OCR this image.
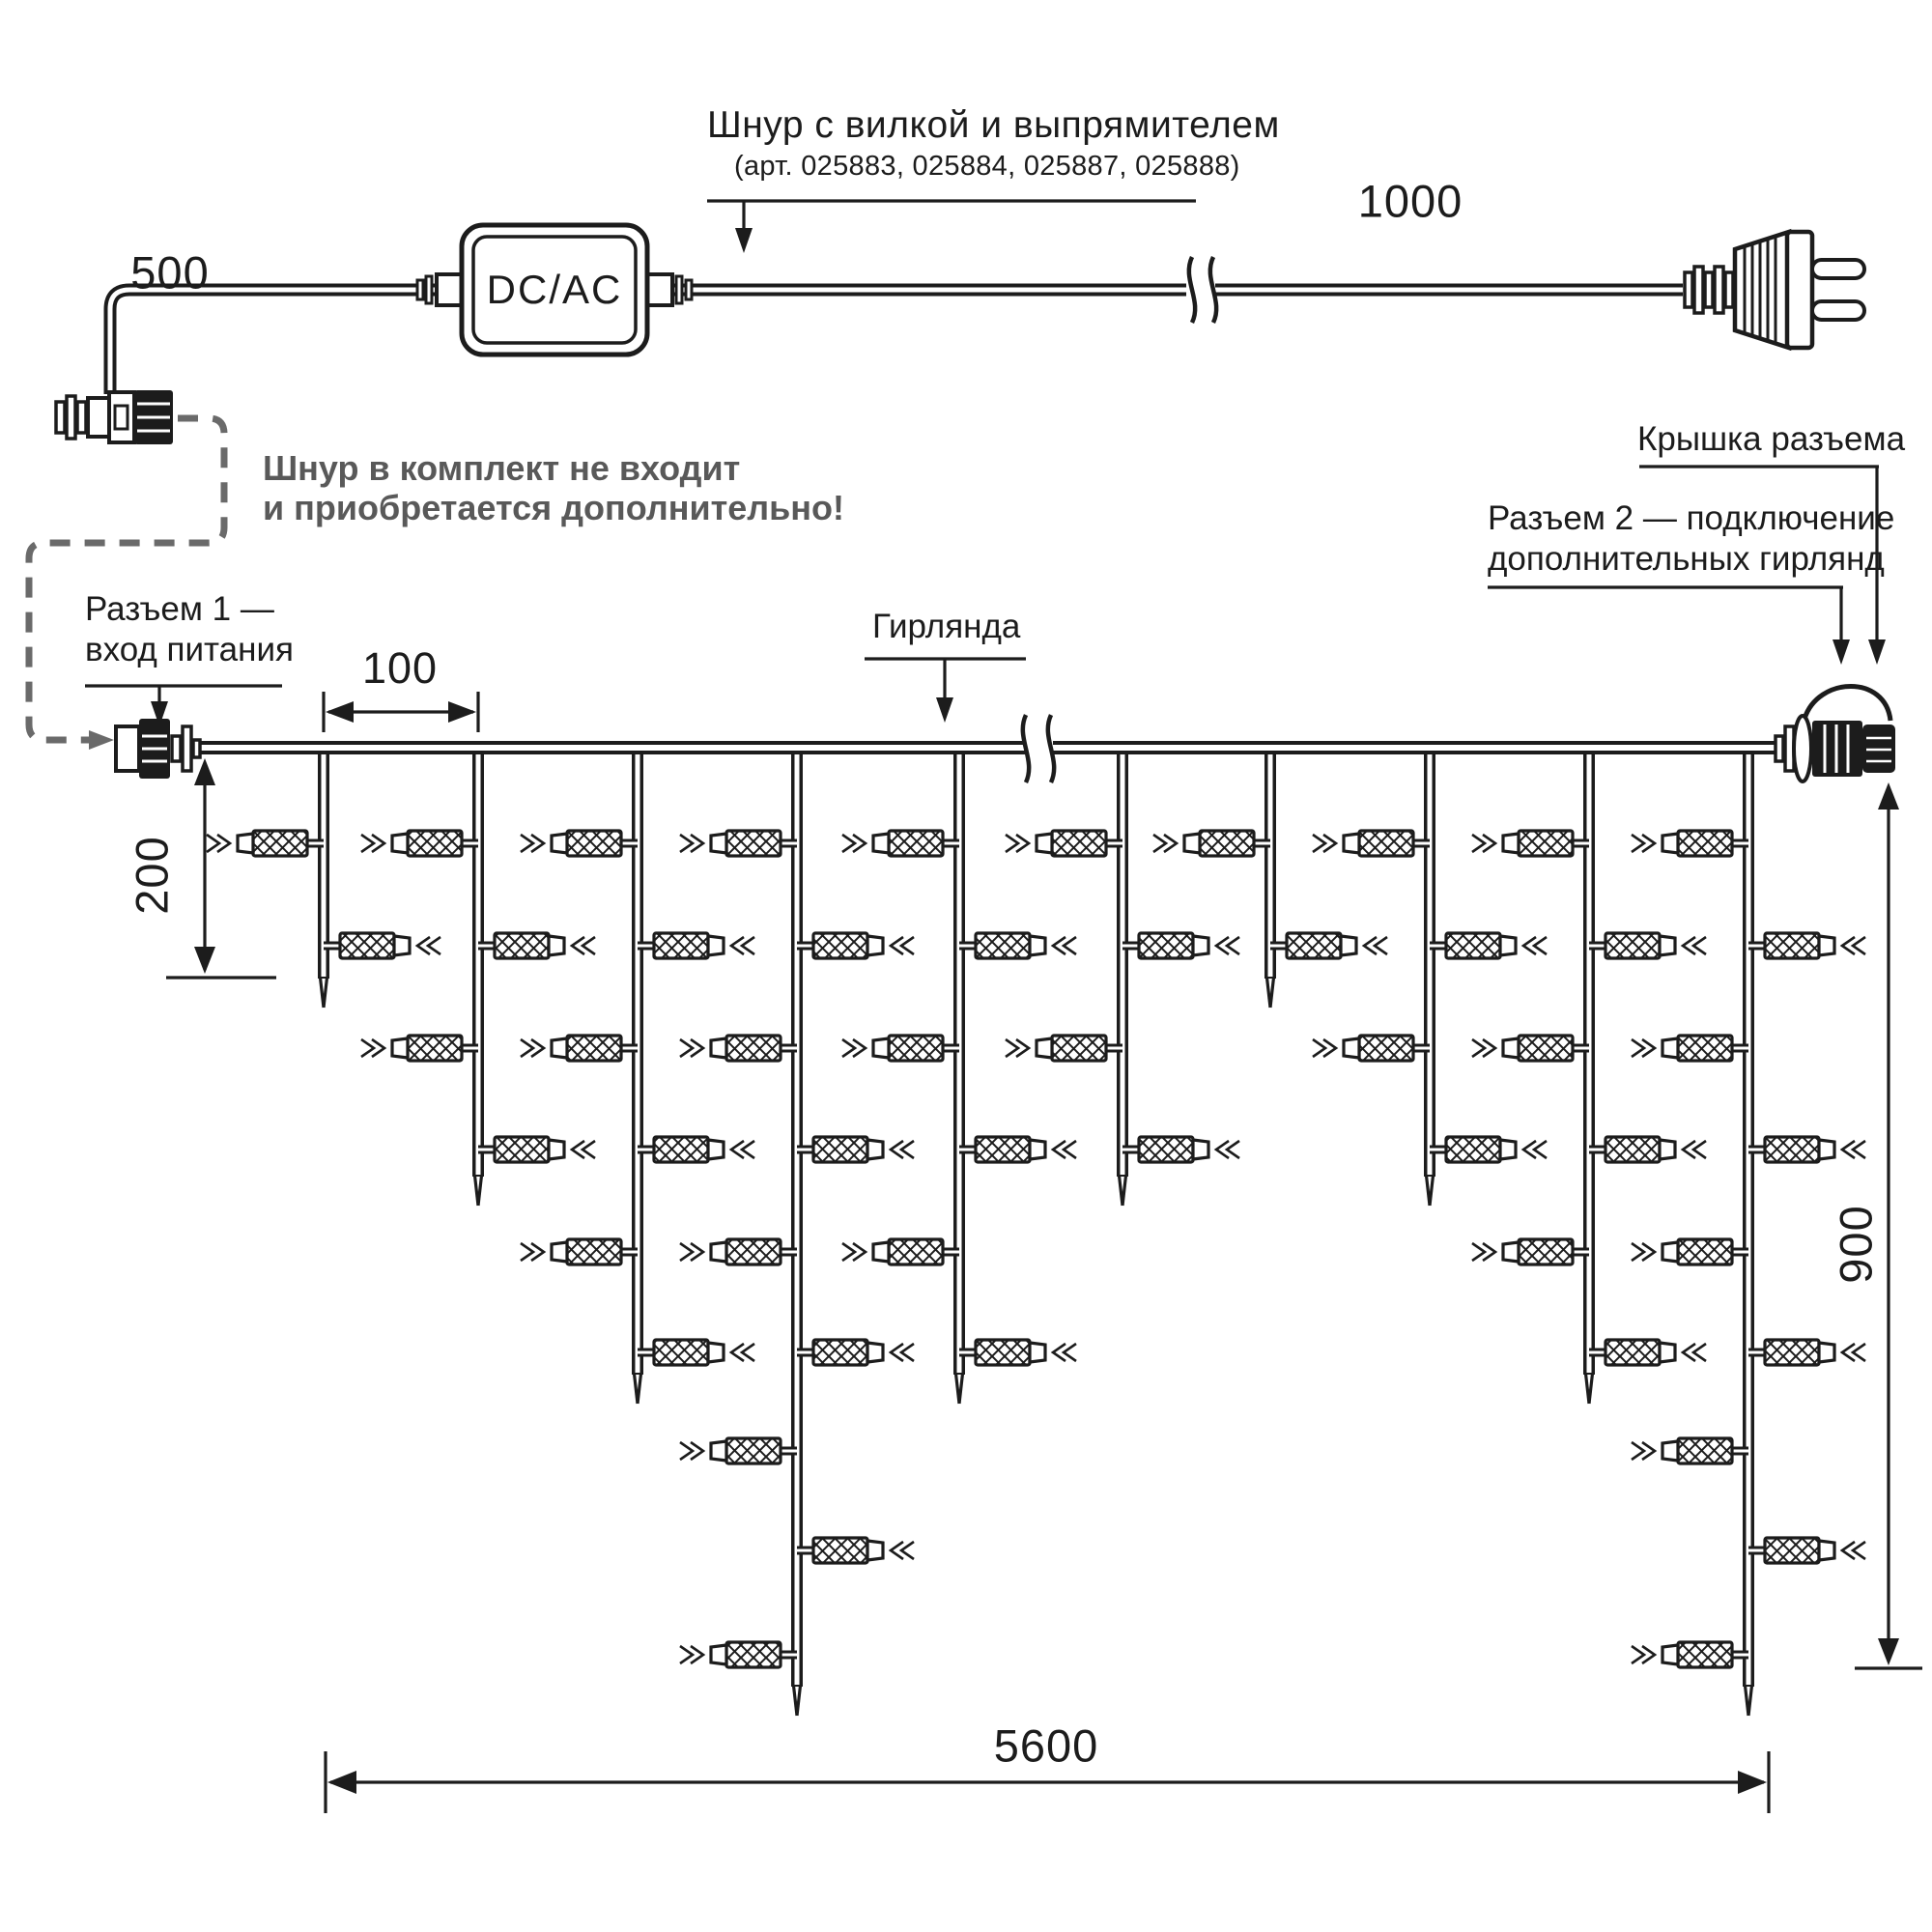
Шнур с вилкой и выпрямителем
(арт. 025883, 025884, 025887, 025888)
DC/AC
500
1000
100
200
900
5600
Шнур в комплект не входит
и приобретается дополнительно!
Разъем 1 —
вход питания
Гирлянда
Крышка разъема
Разъем 2 — подключение
дополнительных гирлянд
